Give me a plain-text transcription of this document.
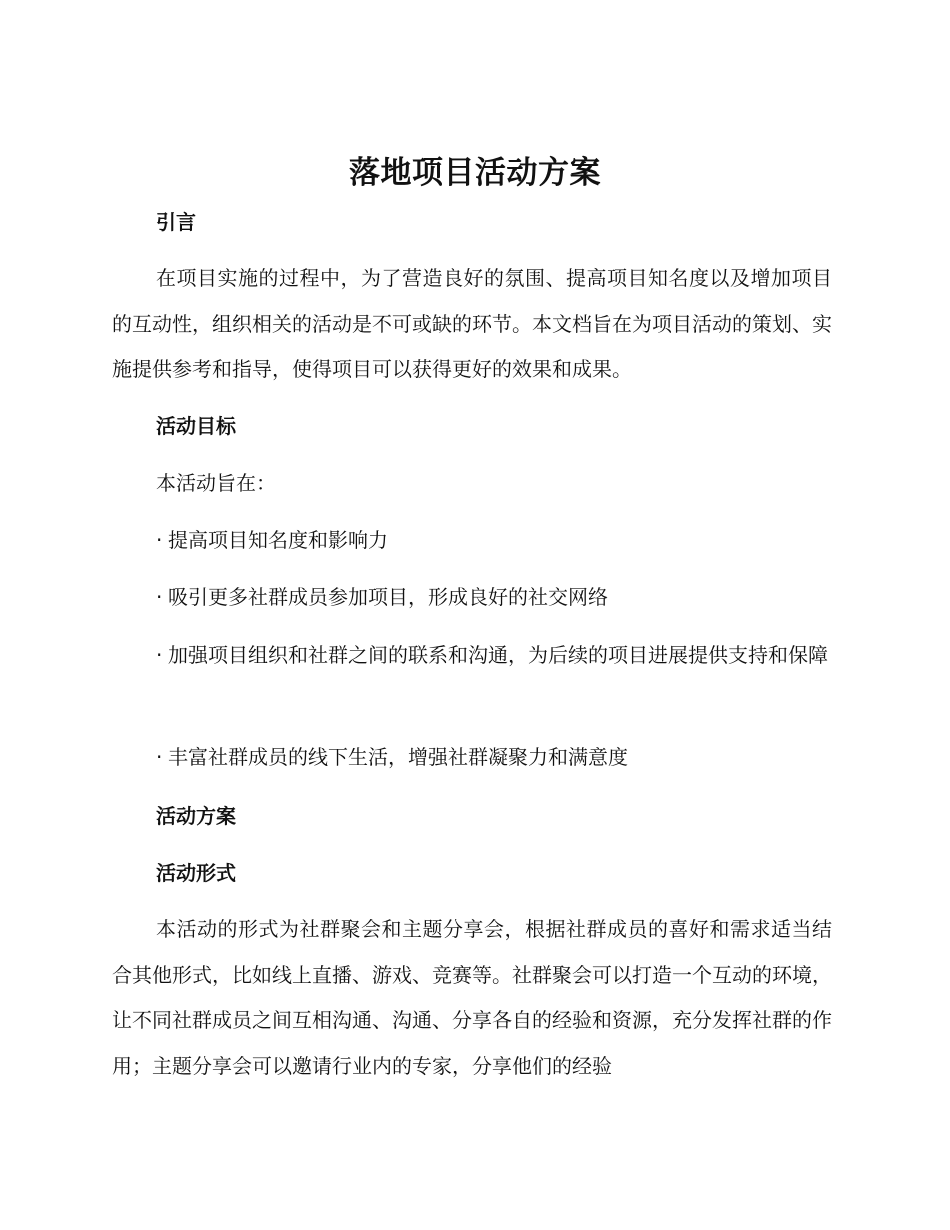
落地项目活动方案
引言
在项目实施的过程中，为了营造良好的氛围、提高项目知名度以及增加项目的互动性，组织相关的活动是不可或缺的环节。本文档旨在为项目活动的策划、实施提供参考和指导，使得项目可以获得更好的效果和成果。
活动目标
本活动旨在：
· 提高项目知名度和影响力
· 吸引更多社群成员参加项目，形成良好的社交网络
· 加强项目组织和社群之间的联系和沟通，为后续的项目进展提供支持和保障
· 丰富社群成员的线下生活，增强社群凝聚力和满意度
活动方案
活动形式
本活动的形式为社群聚会和主题分享会，根据社群成员的喜好和需求适当结合其他形式，比如线上直播、游戏、竞赛等。社群聚会可以打造一个互动的环境，让不同社群成员之间互相沟通、沟通、分享各自的经验和资源，充分发挥社群的作用；主题分享会可以邀请行业内的专家，分享他们的经验
